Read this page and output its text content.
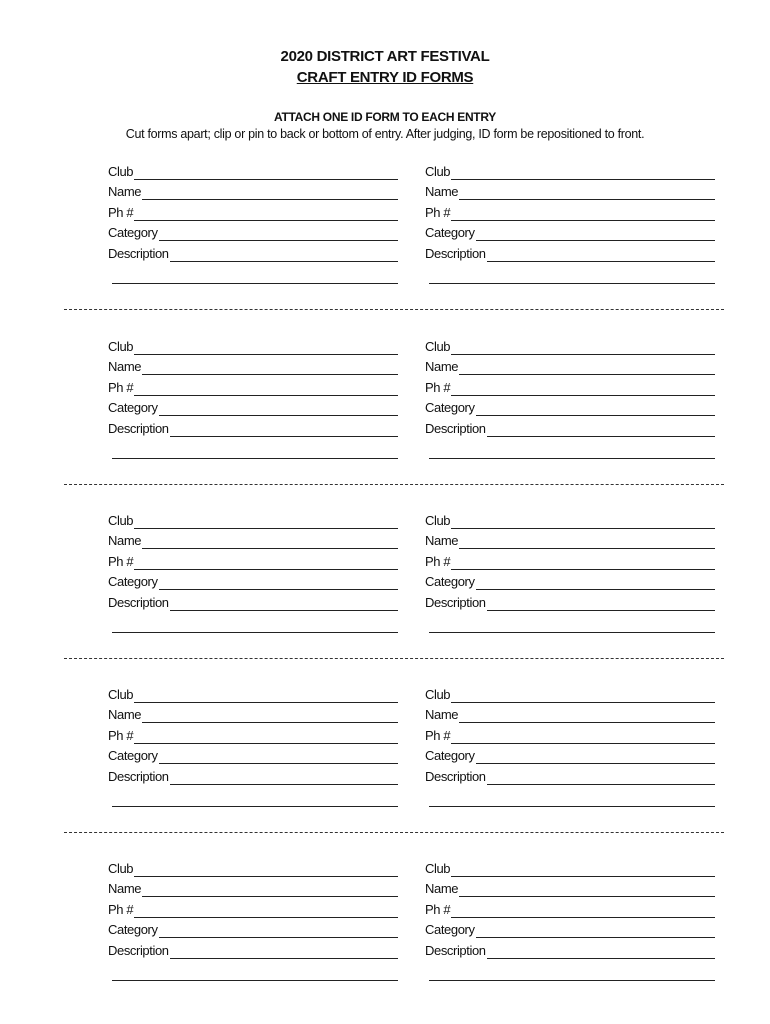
2020 DISTRICT ART FESTIVAL
CRAFT ENTRY ID FORMS
ATTACH ONE ID FORM TO EACH ENTRY
Cut forms apart; clip or pin to back or bottom of entry. After judging, ID form be repositioned to front.
Club
Name
Ph #
Category
Description
Club
Name
Ph #
Category
Description
Club
Name
Ph #
Category
Description
Club
Name
Ph #
Category
Description
Club
Name
Ph #
Category
Description
Club
Name
Ph #
Category
Description
Club
Name
Ph #
Category
Description
Club
Name
Ph #
Category
Description
Club
Name
Ph #
Category
Description
Club
Name
Ph #
Category
Description
